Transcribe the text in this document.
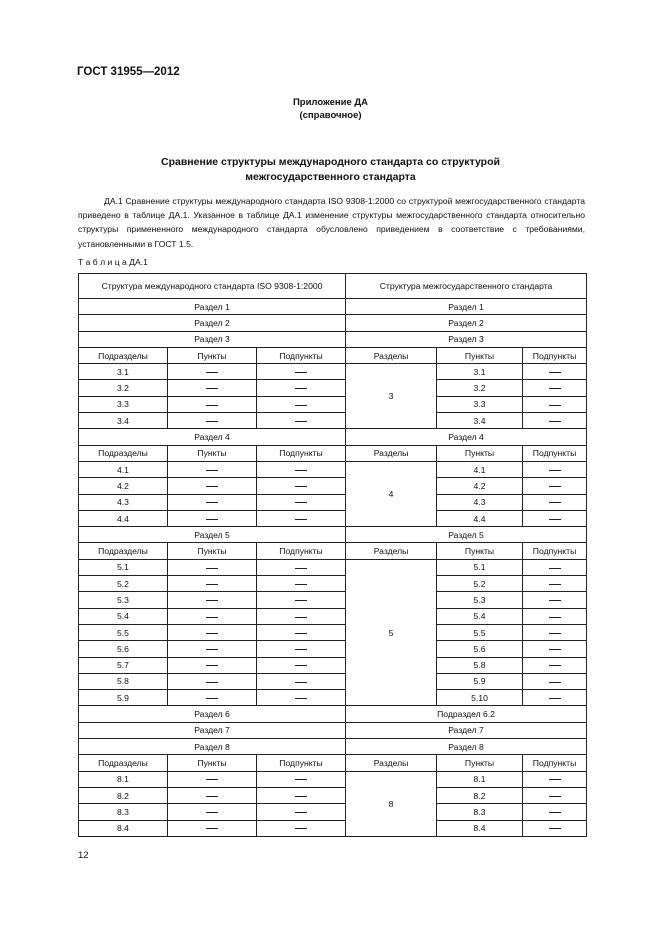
ГОСТ 31955—2012
Приложение ДА
(справочное)
Сравнение структуры международного стандарта со структурой
межгосударственного стандарта
ДА.1 Сравнение структуры международного стандарта ISO 9308-1:2000 со структурой межгосударственного стандарта приведено в таблице ДА.1. Указанное в таблице ДА.1 изменение структуры межгосударственного стандарта относительно структуры примененного международного стандарта обусловлено приведением в соответствие с требованиями, установленными в ГОСТ 1.5.
Т а б л и ц а ДА.1
Структура международного стандарта ISO 9308-1:2000			Структура межгосударственного стандарта		
Раздел 1			Раздел 1		
Раздел 2			Раздел 2		
Раздел 3			Раздел 3		
Подразделы	Пункты	Подпункты	Разделы	Пункты	Подпункты
3.1			3	3.1	
3.2				3.2	
3.3				3.3	
3.4				3.4	
Раздел 4			Раздел 4		
Подразделы	Пункты	Подпункты	Разделы	Пункты	Подпункты
4.1			4	4.1	
4.2				4.2	
4.3				4.3	
4.4				4.4	
Раздел 5			Раздел 5		
Подразделы	Пункты	Подпункты	Разделы	Пункты	Подпункты
5.1			5	5.1	
5.2				5.2	
5.3				5.3	
5.4				5.4	
5.5				5.5	
5.6				5.6	
5.7				5.8	
5.8				5.9	
5.9				5.10	
Раздел 6			Подраздел 6.2		
Раздел 7			Раздел 7		
Раздел 8			Раздел 8		
Подразделы	Пункты	Подпункты	Разделы	Пункты	Подпункты
8.1			8	8.1	
8.2				8.2	
8.3				8.3	
8.4				8.4	
12
